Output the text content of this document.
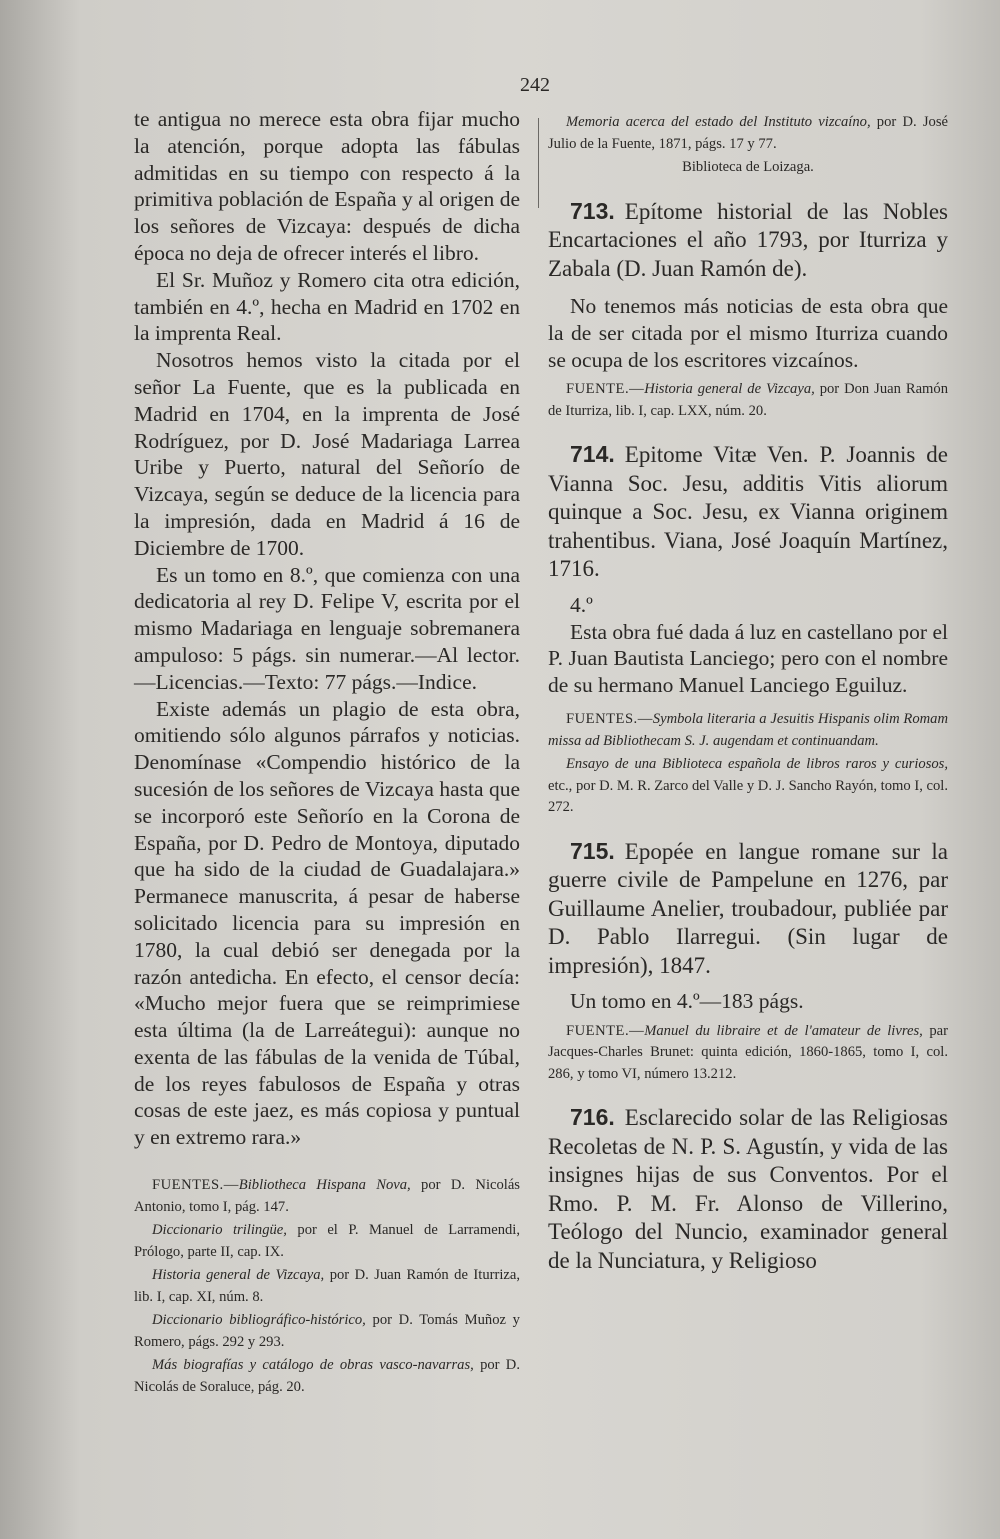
242

te antigua no merece esta obra fijar mucho la atención, porque adopta las fábulas admitidas en su tiempo con respecto á la primitiva población de España y al origen de los señores de Vizcaya: después de dicha época no deja de ofrecer interés el libro.

El Sr. Muñoz y Romero cita otra edición, también en 4.º, hecha en Madrid en 1702 en la imprenta Real.

Nosotros hemos visto la citada por el señor La Fuente, que es la publicada en Madrid en 1704, en la imprenta de José Rodríguez, por D. José Madariaga Larrea Uribe y Puerto, natural del Señorío de Vizcaya, según se deduce de la licencia para la impresión, dada en Madrid á 16 de Diciembre de 1700.

Es un tomo en 8.º, que comienza con una dedicatoria al rey D. Felipe V, escrita por el mismo Madariaga en lenguaje sobremanera ampuloso: 5 págs. sin numerar.—Al lector.—Licencias.—Texto: 77 págs.—Indice.

Existe además un plagio de esta obra, omitiendo sólo algunos párrafos y noticias. Denomínase «Compendio histórico de la sucesión de los señores de Vizcaya hasta que se incorporó este Señorío en la Corona de España, por D. Pedro de Montoya, diputado que ha sido de la ciudad de Guadalajara.» Permanece manuscrita, á pesar de haberse solicitado licencia para su impresión en 1780, la cual debió ser denegada por la razón antedicha. En efecto, el censor decía: «Mucho mejor fuera que se reimprimiese esta última (la de Larreátegui): aunque no exenta de las fábulas de la venida de Túbal, de los reyes fabulosos de España y otras cosas de este jaez, es más copiosa y puntual y en extremo rara.»

FUENTES.—Bibliotheca Hispana Nova, por D. Nicolás Antonio, tomo I, pág. 147.

Diccionario trilingüe, por el P. Manuel de Larramendi, Prólogo, parte II, cap. IX.

Historia general de Vizcaya, por D. Juan Ramón de Iturriza, lib. I, cap. XI, núm. 8.

Diccionario bibliográfico-histórico, por D. Tomás Muñoz y Romero, págs. 292 y 293.

Más biografías y catálogo de obras vasco-navarras, por D. Nicolás de Soraluce, pág. 20.

Memoria acerca del estado del Instituto vizcaíno, por D. José Julio de la Fuente, 1871, págs. 17 y 77.

Biblioteca de Loizaga.

713. Epítome historial de las Nobles Encartaciones el año 1793, por Iturriza y Zabala (D. Juan Ramón de).

No tenemos más noticias de esta obra que la de ser citada por el mismo Iturriza cuando se ocupa de los escritores vizcaínos.

FUENTE.—Historia general de Vizcaya, por Don Juan Ramón de Iturriza, lib. I, cap. LXX, núm. 20.

714. Epitome Vitæ Ven. P. Joannis de Vianna Soc. Jesu, additis Vitis aliorum quinque a Soc. Jesu, ex Vianna originem trahentibus. Viana, José Joaquín Martínez, 1716.

4.º

Esta obra fué dada á luz en castellano por el P. Juan Bautista Lanciego; pero con el nombre de su hermano Manuel Lanciego Eguiluz.

FUENTES.—Symbola literaria a Jesuitis Hispanis olim Romam missa ad Bibliothecam S. J. augendam et continuandam.

Ensayo de una Biblioteca española de libros raros y curiosos, etc., por D. M. R. Zarco del Valle y D. J. Sancho Rayón, tomo I, col. 272.

715. Epopée en langue romane sur la guerre civile de Pampelune en 1276, par Guillaume Anelier, troubadour, publiée par D. Pablo Ilarregui. (Sin lugar de impresión), 1847.

Un tomo en 4.º—183 págs.

FUENTE.—Manuel du libraire et de l'amateur de livres, par Jacques-Charles Brunet: quinta edición, 1860-1865, tomo I, col. 286, y tomo VI, número 13.212.

716. Esclarecido solar de las Religiosas Recoletas de N. P. S. Agustín, y vida de las insignes hijas de sus Conventos. Por el Rmo. P. M. Fr. Alonso de Villerino, Teólogo del Nuncio, examinador general de la Nunciatura, y Religioso
